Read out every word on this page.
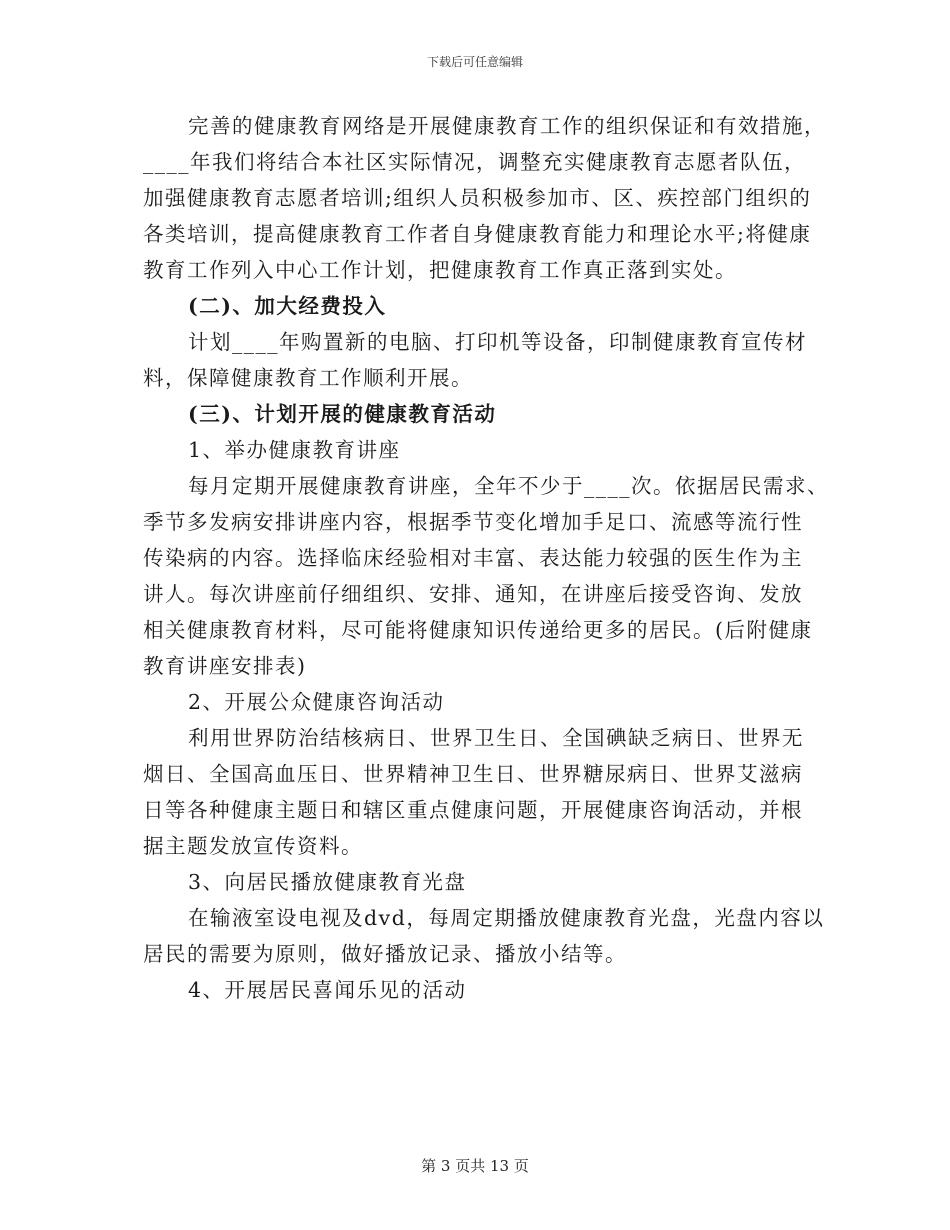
下载后可任意编辑
完善的健康教育网络是开展健康教育工作的组织保证和有效措施，
____年我们将结合本社区实际情况，调整充实健康教育志愿者队伍，
加强健康教育志愿者培训;组织人员积极参加市、区、疾控部门组织的
各类培训，提高健康教育工作者自身健康教育能力和理论水平;将健康
教育工作列入中心工作计划，把健康教育工作真正落到实处。
(二)、加大经费投入
计划____年购置新的电脑、打印机等设备，印制健康教育宣传材
料，保障健康教育工作顺利开展。
(三)、计划开展的健康教育活动
1、举办健康教育讲座
每月定期开展健康教育讲座，全年不少于____次。依据居民需求、
季节多发病安排讲座内容，根据季节变化增加手足口、流感等流行性
传染病的内容。选择临床经验相对丰富、表达能力较强的医生作为主
讲人。每次讲座前仔细组织、安排、通知，在讲座后接受咨询、发放
相关健康教育材料，尽可能将健康知识传递给更多的居民。(后附健康
教育讲座安排表)
2、开展公众健康咨询活动
利用世界防治结核病日、世界卫生日、全国碘缺乏病日、世界无
烟日、全国高血压日、世界精神卫生日、世界糖尿病日、世界艾滋病
日等各种健康主题日和辖区重点健康问题，开展健康咨询活动，并根
据主题发放宣传资料。
3、向居民播放健康教育光盘
在输液室设电视及dvd，每周定期播放健康教育光盘，光盘内容以
居民的需要为原则，做好播放记录、播放小结等。
4、开展居民喜闻乐见的活动
第 3 页共 13 页
